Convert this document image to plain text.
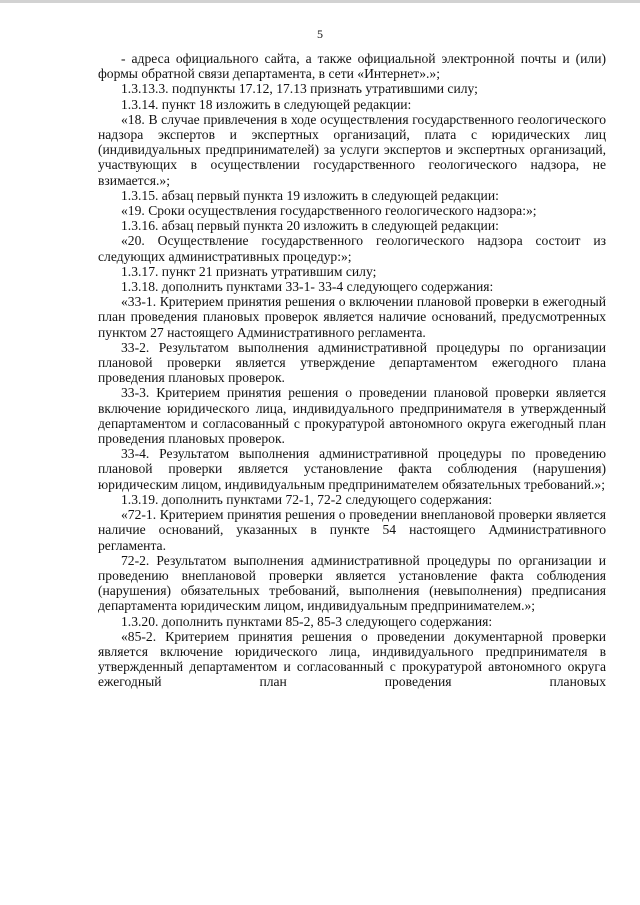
5

- адреса официального сайта, а также официальной электронной почты и (или) формы обратной связи департамента, в сети «Интернет».»;

1.3.13.3. подпункты 17.12, 17.13 признать утратившими силу;

1.3.14. пункт 18 изложить в следующей редакции:

«18. В случае привлечения в ходе осуществления государственного геологического надзора экспертов и экспертных организаций, плата с юридических лиц (индивидуальных предпринимателей) за услуги экспертов и экспертных организаций, участвующих в осуществлении государственного геологического надзора, не взимается.»;

1.3.15. абзац первый пункта 19 изложить в следующей редакции:

«19. Сроки осуществления государственного геологического надзора:»;

1.3.16. абзац первый пункта 20 изложить в следующей редакции:

«20. Осуществление государственного геологического надзора состоит из следующих административных процедур:»;

1.3.17. пункт 21 признать утратившим силу;

1.3.18. дополнить пунктами 33-1- 33-4 следующего содержания:

«33-1. Критерием принятия решения о включении плановой проверки в ежегодный план проведения плановых проверок является наличие оснований, предусмотренных пунктом 27 настоящего Административного регламента.

33-2. Результатом выполнения административной процедуры по организации плановой проверки является утверждение департаментом ежегодного плана проведения плановых проверок.

33-3. Критерием принятия решения о проведении плановой проверки является включение юридического лица, индивидуального предпринимателя в утвержденный департаментом и согласованный с прокуратурой автономного округа ежегодный план проведения плановых проверок.

33-4. Результатом выполнения административной процедуры по проведению плановой проверки является установление факта соблюдения (нарушения) юридическим лицом, индивидуальным предпринимателем обязательных требований.»;

1.3.19. дополнить пунктами 72-1, 72-2 следующего содержания:

«72-1. Критерием принятия решения о проведении внеплановой проверки является наличие оснований, указанных в пункте 54 настоящего Административного регламента.

72-2. Результатом выполнения административной процедуры по организации и проведению внеплановой проверки является установление факта соблюдения (нарушения) обязательных требований, выполнения (невыполнения) предписания департамента юридическим лицом, индивидуальным предпринимателем.»;

1.3.20. дополнить пунктами 85-2, 85-3 следующего содержания:

«85-2. Критерием принятия решения о проведении документарной проверки является включение юридического лица, индивидуального предпринимателя в утвержденный департаментом и согласованный с прокуратурой автономного округа ежегодный план проведения плановых
